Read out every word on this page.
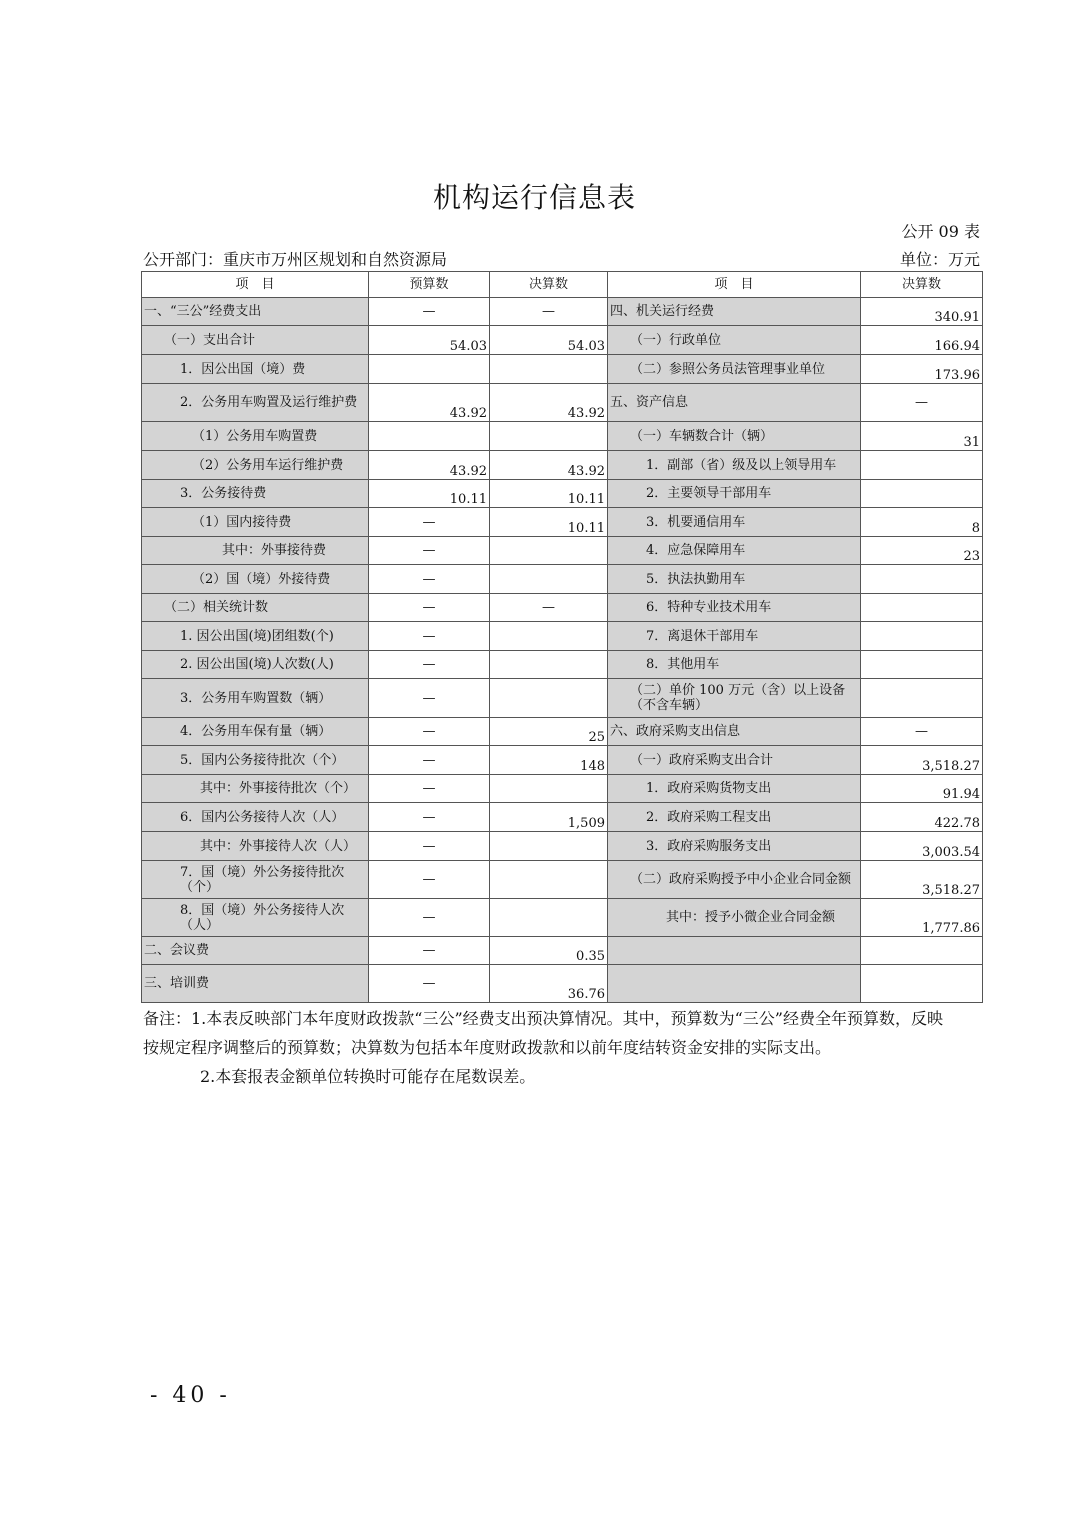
机构运行信息表
公开 09 表
公开部门：重庆市万州区规划和自然资源局	单位：万元
项　目	预算数	决算数	项　目	决算数
一、“三公”经费支出	—	—	四、机关运行经费	340.91
（一）支出合计	54.03	54.03	（一）行政单位	166.94
1．因公出国（境）费			（二）参照公务员法管理事业单位	173.96
2．公务用车购置及运行维护费	43.92	43.92	五、资产信息	—
（1）公务用车购置费			（一）车辆数合计（辆）	31
（2）公务用车运行维护费	43.92	43.92	1．副部（省）级及以上领导用车	
3．公务接待费	10.11	10.11	2．主要领导干部用车	
（1）国内接待费	—	10.11	3．机要通信用车	8
其中：外事接待费	—		4．应急保障用车	23
（2）国（境）外接待费	—		5．执法执勤用车	
（二）相关统计数	—	—	6．特种专业技术用车	
1. 因公出国(境)团组数(个)	—		7．离退休干部用车	
2. 因公出国(境)人次数(人)	—		8．其他用车	
3．公务用车购置数（辆）	—		（二）单价 100 万元（含）以上设备（不含车辆）	
4．公务用车保有量（辆）	—	25	六、政府采购支出信息	—
5．国内公务接待批次（个）	—	148	（一）政府采购支出合计	3,518.27
其中：外事接待批次（个）	—		1．政府采购货物支出	91.94
6．国内公务接待人次（人）	—	1,509	2．政府采购工程支出	422.78
其中：外事接待人次（人）	—		3．政府采购服务支出	3,003.54
7．国（境）外公务接待批次（个）	—		（二）政府采购授予中小企业合同金额	3,518.27
8．国（境）外公务接待人次（人）	—		其中：授予小微企业合同金额	1,777.86
二、会议费	—	0.35		
三、培训费	—	36.76		

备注：1.本表反映部门本年度财政拨款“三公”经费支出预决算情况。其中，预算数为“三公”经费全年预算数，反映按规定程序调整后的预算数；决算数为包括本年度财政拨款和以前年度结转资金安排的实际支出。

2.本套报表金额单位转换时可能存在尾数误差。

- 40 -
